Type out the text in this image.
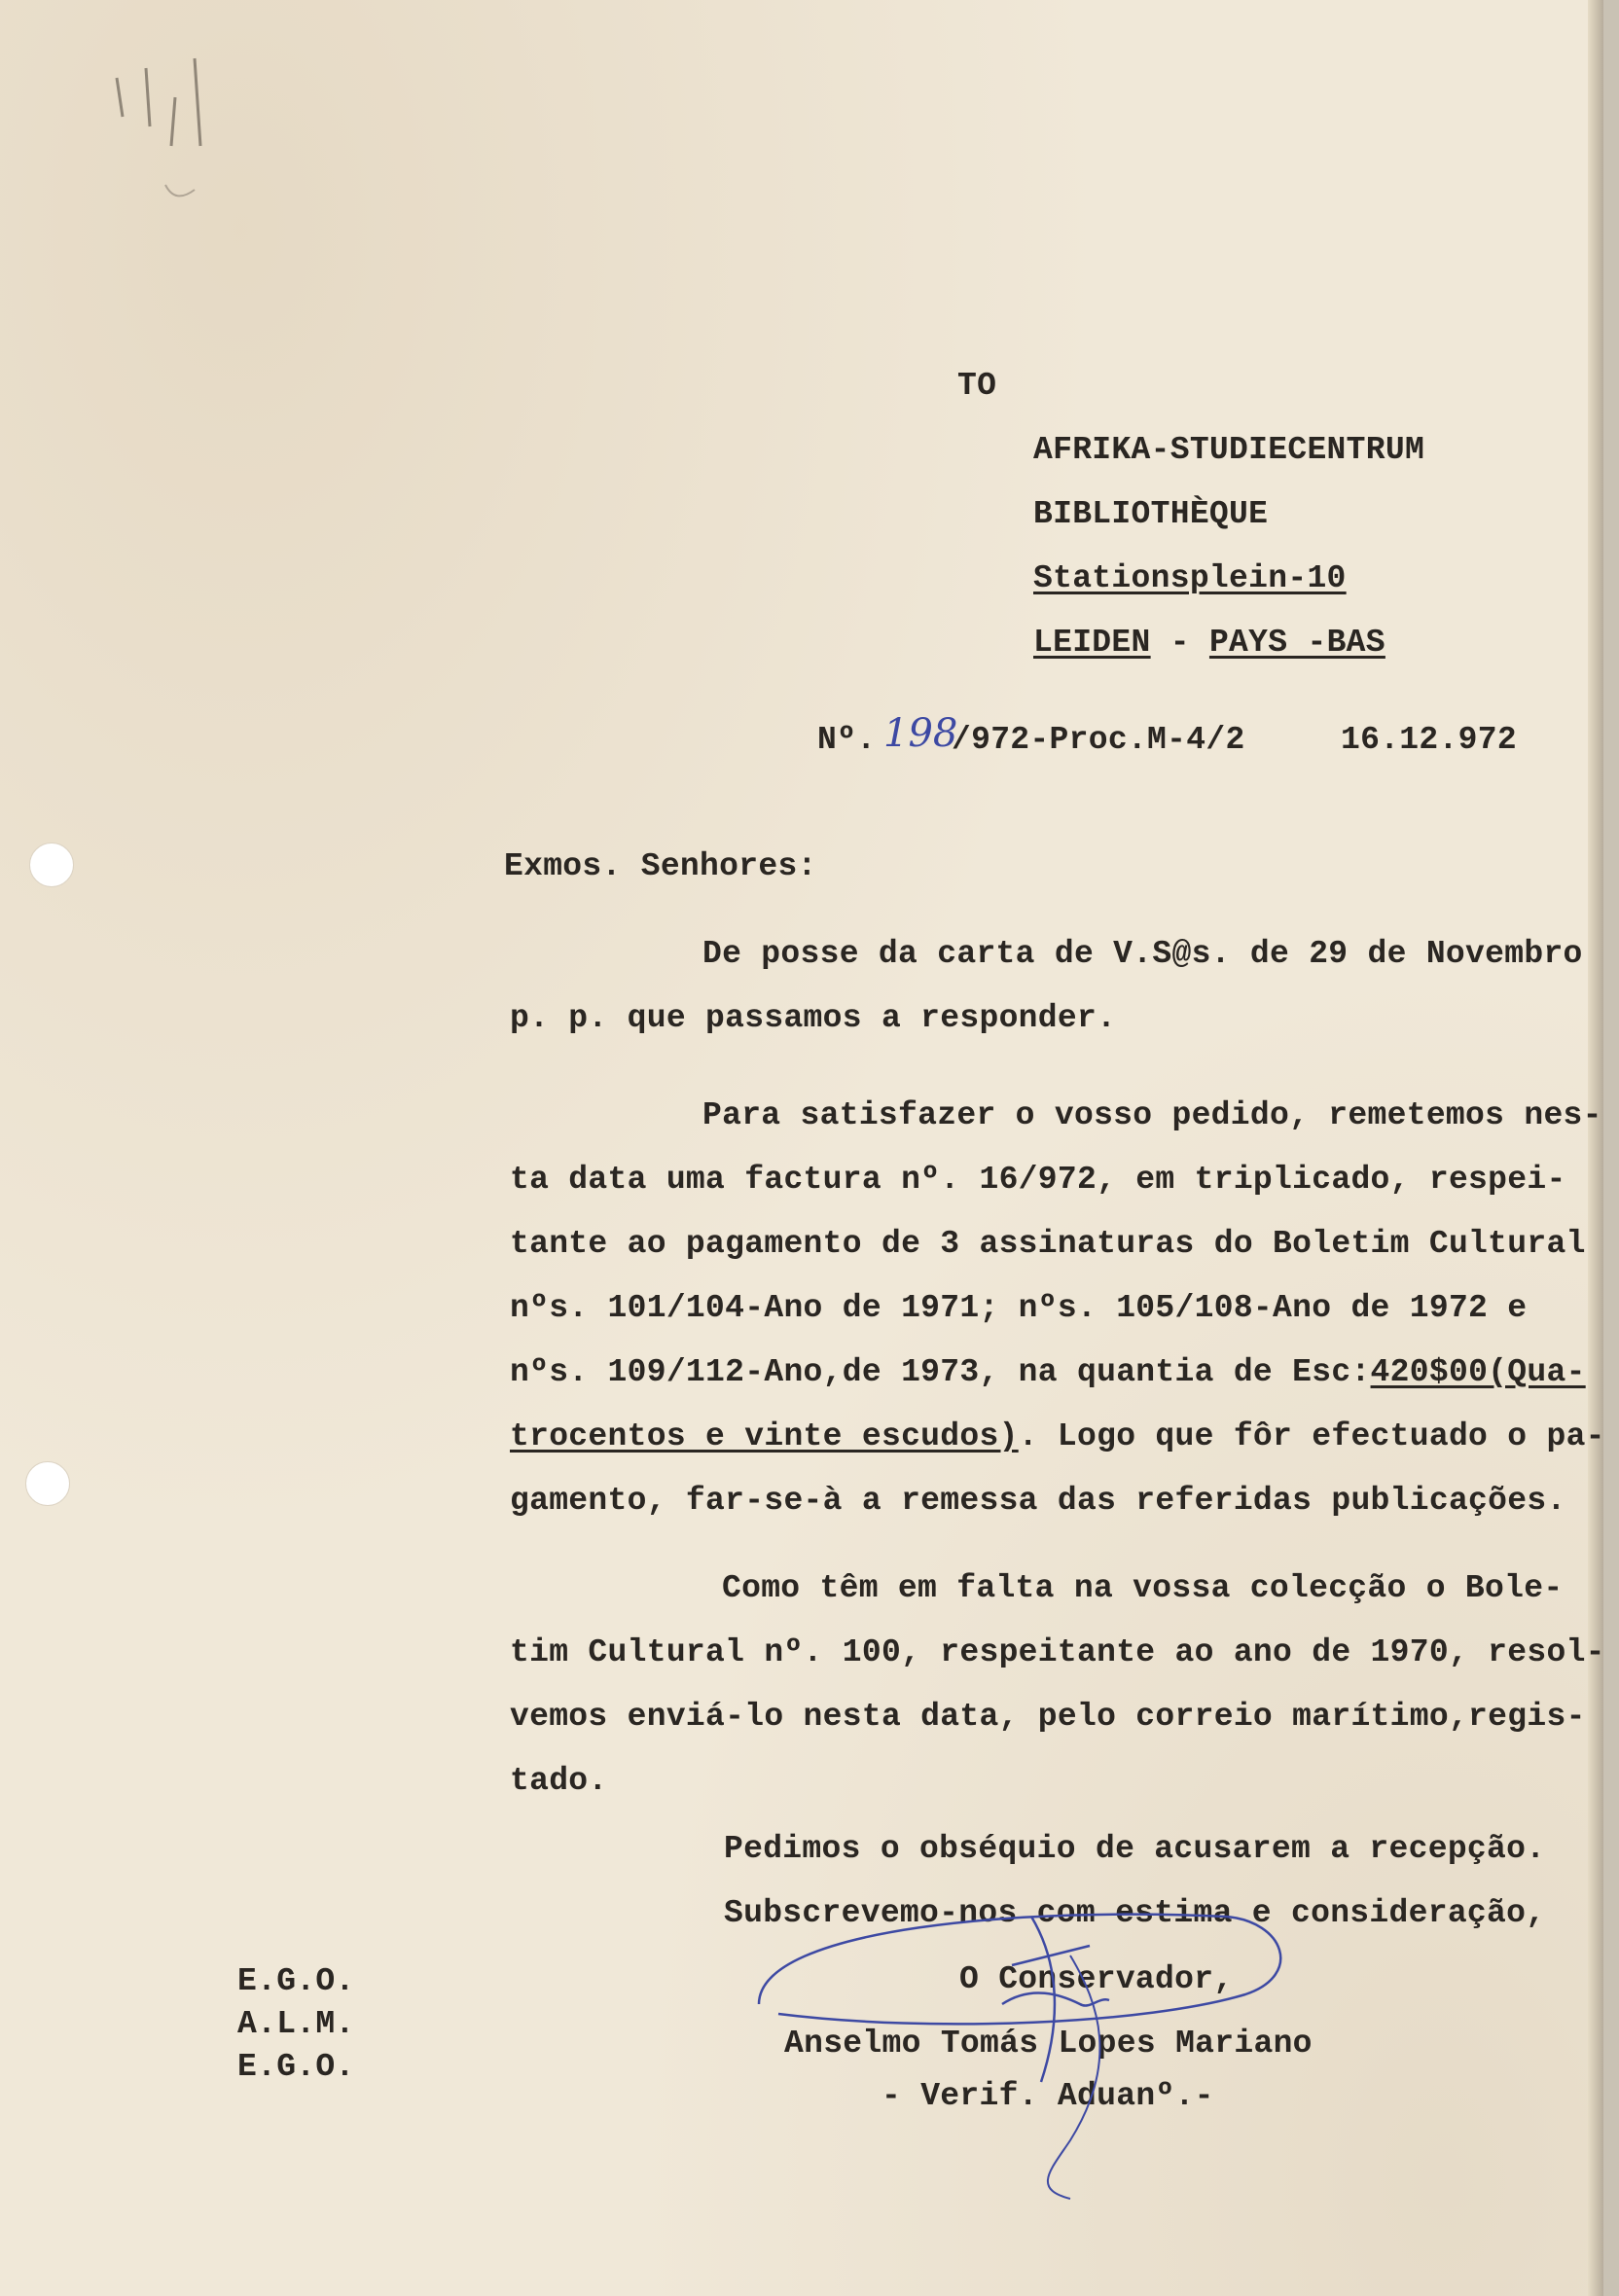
TO
AFRIKA-STUDIECENTRUM
BIBLIOTHÈQUE
Stationsplein-10
LEIDEN - PAYS -BAS
Nº. 198
/972-Proc.M-4/2	16.12.972
Exmos. Senhores:
De posse da carta de V.S@s. de 29 de Novembro
p. p. que passamos a responder.
Para satisfazer o vosso pedido, remetemos nes-
ta data uma factura nº. 16/972, em triplicado, respei-
tante ao pagamento de 3 assinaturas do Boletim Cultural
nºs. 101/104-Ano de 1971; nºs. 105/108-Ano de 1972 e
nºs. 109/112-Ano,de 1973, na quantia de Esc:420$00(Qua-
trocentos e vinte escudos). Logo que fôr efectuado o pa-
gamento, far-se-à a remessa das referidas publicações.
Como têm em falta na vossa colecção o Bole-
tim Cultural nº. 100, respeitante ao ano de 1970, resol-
vemos enviá-lo nesta data, pelo correio marítimo,regis-
tado.
Pedimos o obséquio de acusarem a recepção.
Subscrevemo-nos com estima e consideração,
O Conservador,
Anselmo Tomás Lopes Mariano
- Verif. Aduanº.-
E.G.O.
A.L.M.
E.G.O.
